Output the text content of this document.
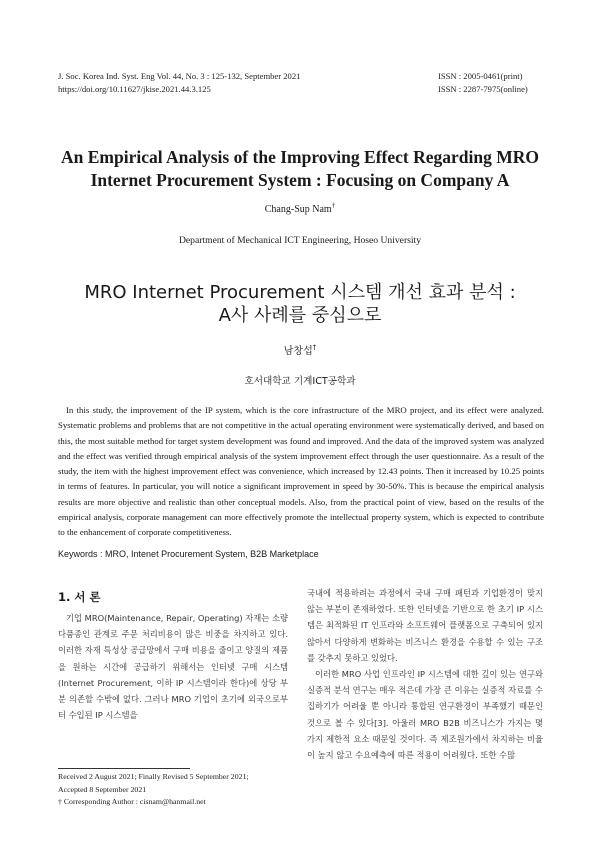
J. Soc. Korea Ind. Syst. Eng Vol. 44, No. 3 : 125-132, September 2021
https://doi.org/10.11627/jkise.2021.44.3.125
ISSN : 2005-0461(print)
ISSN : 2287-7975(online)
An Empirical Analysis of the Improving Effect Regarding MRO
Internet Procurement System : Focusing on Company A
Chang-Sup Nam†
Department of Mechanical ICT Engineering, Hoseo University
MRO Internet Procurement 시스템 개선 효과 분석 :
A사 사례를 중심으로
남창섭†
호서대학교 기계ICT공학과
In this study, the improvement of the IP system, which is the core infrastructure of the MRO project, and its effect were analyzed. Systematic problems and problems that are not competitive in the actual operating environment were systematically derived, and based on this, the most suitable method for target system development was found and improved. And the data of the improved system was analyzed and the effect was verified through empirical analysis of the system improvement effect through the user questionnaire. As a result of the study, the item with the highest improvement effect was convenience, which increased by 12.43 points. Then it increased by 10.25 points in terms of features. In particular, you will notice a significant improvement in speed by 30-50%. This is because the empirical analysis results are more objective and realistic than other conceptual models. Also, from the practical point of view, based on the results of the empirical analysis, corporate management can more effectively promote the intellectual property system, which is expected to contribute to the enhancement of corporate competitiveness.
Keywords : MRO, Intenet Procurement System, B2B Marketplace
1. 서 론
기업 MRO(Maintenance, Repair, Operating) 자재는 소량 다품종인 관계로 주문 처리비용이 많은 비중을 차지하고 있다. 이러한 자재 특성상 공급망에서 구매 비용을 줄이고 양질의 제품을 원하는 시간에 공급하기 위해서는 인터넷 구매 시스템(Internet Procurement, 이하 IP 시스템이라 한다)에 상당 부분 의존할 수밖에 없다. 그러나 MRO 기업이 초기에 외국으로부터 수입된 IP 시스템을

국내에 적용하려는 과정에서 국내 구매 패턴과 기업환경이 맞지 않는 부분이 존재하였다. 또한 인터넷을 기반으로 한 초기 IP 시스템은 최적화된 IT 인프라와 소프트웨어 플랫폼으로 구축되어 있지 않아서 다양하게 변화하는 비즈니스 환경을 수용할 수 있는 구조를 갖추지 못하고 있었다.

이러한 MRO 사업 인프라인 IP 시스템에 대한 깊이 있는 연구와 실증적 분석 연구는 매우 적은데 가장 큰 이유는 실증적 자료를 수집하기가 어려울 뿐 아니라 통합된 연구환경이 부족했기 때문인 것으로 볼 수 있다[3]. 아울러 MRO B2B 비즈니스가 가지는 몇 가지 제한적 요소 때문일 것이다. 즉 제조원가에서 차지하는 비율이 높지 않고 수요예측에 따른 적용이 어려웠다. 또한 수많

Received 2 August 2021; Finally Revised 5 September 2021;
Accepted 8 September 2021
† Corresponding Author : cisnam@hanmail.net
